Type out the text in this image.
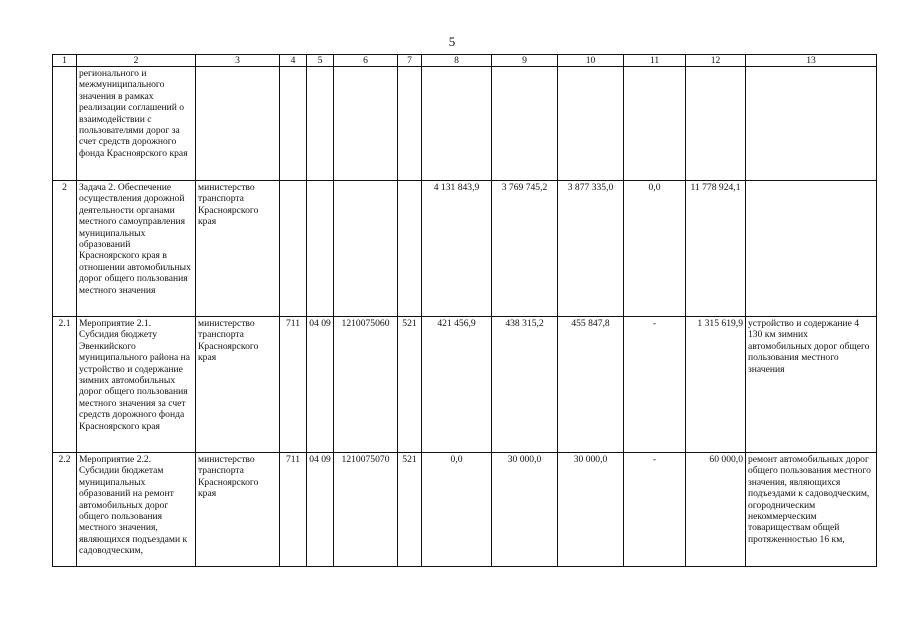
5
1	2	3	4	5	6	7	8	9	10	11	12	13
	регионального и межмуниципального значения в рамках реализации соглашений о взаимодействии с пользователями дорог за счет средств дорожного фонда Красноярского края											
2	Задача 2. Обеспечение осуществления дорожной деятельности органами местного самоуправления муниципальных образований Красноярского края в отношении автомобильных дорог общего пользования местного значения	министерство транспорта Красноярского края					4 131 843,9	3 769 745,2	3 877 335,0	0,0	11 778 924,1	
2.1	Мероприятие 2.1. Субсидия бюджету Эвенкийского муниципального района на устройство и содержание зимних автомобильных дорог общего пользования местного значения за счет средств дорожного фонда Красноярского края	министерство транспорта Красноярского края	711	04 09	1210075060	521	421 456,9	438 315,2	455 847,8	-	1 315 619,9	устройство и содержание 4 130 км зимних автомобильных дорог общего пользования местного значения
2.2	Мероприятие 2.2. Субсидии бюджетам муниципальных образований на ремонт автомобильных дорог общего пользования местного значения, являющихся подъездами к садоводческим,	министерство транспорта Красноярского края	711	04 09	1210075070	521	0,0	30 000,0	30 000,0	-	60 000,0	ремонт автомобильных дорог общего пользования местного значения, являющихся подъездами к садоводческим, огородническим некоммерческим товариществам общей протяженностью 16 км,
